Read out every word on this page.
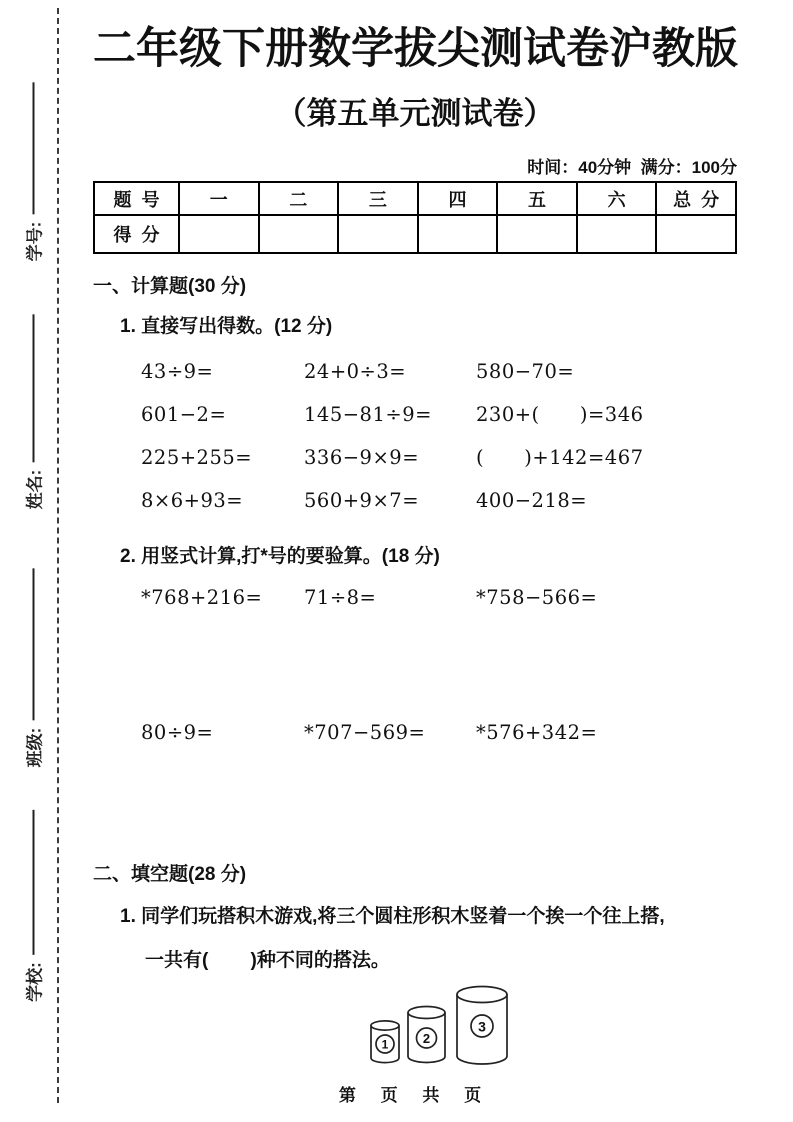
学号:
姓名:
班级:
学校:
二年级下册数学拔尖测试卷沪教版
（第五单元测试卷）
时间：40分钟  满分：100分
题  号	一	二	三	四	五	六	总  分
得  分							
一、计算题(30 分)
1. 直接写出得数。(12 分)
43÷9=	24+0÷3=	580−70=
601−2=	145−81÷9=	230+(      )=346
225+255=	336−9×9=	(      )+142=467
8×6+93=	560+9×7=	400−218=
2. 用竖式计算,打*号的要验算。(18 分)
*768+216=	71÷8=	*758−566=
80÷9=	*707−569=	*576+342=
二、填空题(28 分)
1. 同学们玩搭积木游戏,将三个圆柱形积木竖着一个挨一个往上搭,
一共有(        )种不同的搭法。
1	2
3
第 页 共 页
